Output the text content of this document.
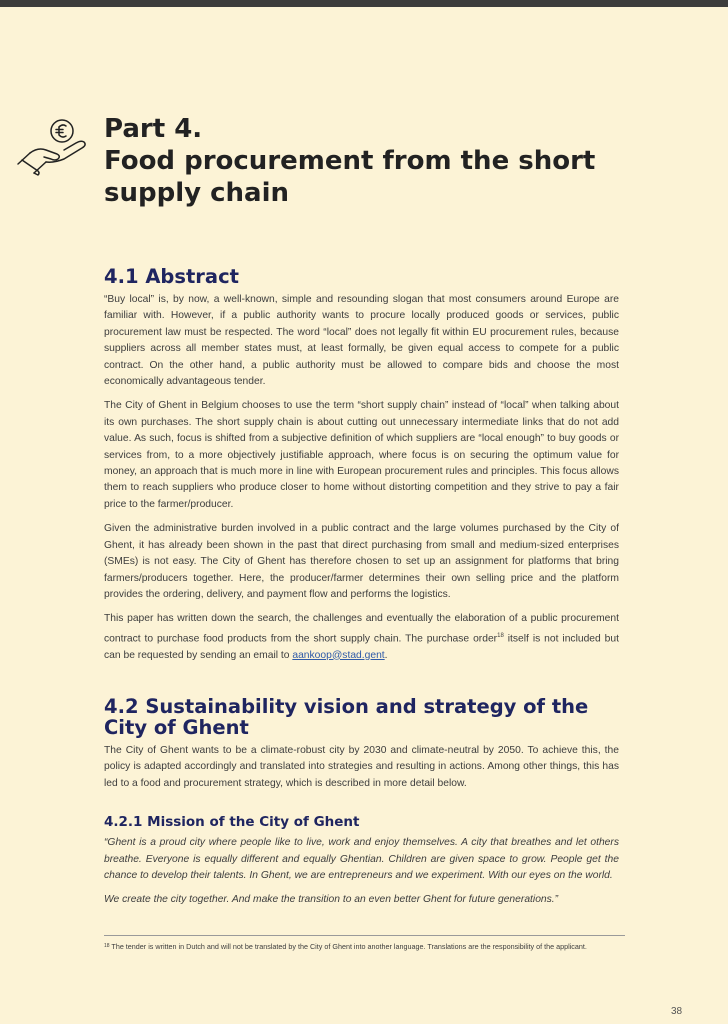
Part 4.
Food procurement from the short
supply chain
4.1 Abstract

“Buy local” is, by now, a well-known, simple and resounding slogan that most consumers around Europe are familiar with. However, if a public authority wants to procure locally produced goods or services, public procurement law must be respected. The word “local” does not legally fit within EU procurement rules, because suppliers across all member states must, at least formally, be given equal access to compete for a public contract. On the other hand, a public authority must be allowed to compare bids and choose the most economically advantageous tender.

The City of Ghent in Belgium chooses to use the term “short supply chain” instead of “local” when talking about its own purchases. The short supply chain is about cutting out unnecessary intermediate links that do not add value. As such, focus is shifted from a subjective definition of which suppliers are “local enough” to buy goods or services from, to a more objectively justifiable approach, where focus is on securing the optimum value for money, an approach that is much more in line with European procurement rules and principles. This focus allows them to reach suppliers who produce closer to home without distorting competition and they strive to pay a fair price to the farmer/producer.

Given the administrative burden involved in a public contract and the large volumes purchased by the City of Ghent, it has already been shown in the past that direct purchasing from small and medium-sized enterprises (SMEs) is not easy. The City of Ghent has therefore chosen to set up an assignment for platforms that bring farmers/producers together. Here, the producer/farmer determines their own selling price and the platform provides the ordering, delivery, and payment flow and performs the logistics.

This paper has written down the search, the challenges and eventually the elaboration of a public procurement contract to purchase food products from the short supply chain. The purchase order$^{18}$ itself is not included but can be requested by sending an email to aankoop@stad.gent.

4.2 Sustainability vision and strategy of the City of Ghent

The City of Ghent wants to be a climate-robust city by 2030 and climate-neutral by 2050. To achieve this, the policy is adapted accordingly and translated into strategies and resulting in actions. Among other things, this has led to a food and procurement strategy, which is described in more detail below.

4.2.1 Mission of the City of Ghent

“Ghent is a proud city where people like to live, work and enjoy themselves. A city that breathes and let others breathe. Everyone is equally different and equally Ghentian. Children are given space to grow. People get the chance to develop their talents. In Ghent, we are entrepreneurs and we experiment. With our eyes on the world.

We create the city together. And make the transition to an even better Ghent for future generations.”

$^{18}$ The tender is written in Dutch and will not be translated by the City of Ghent into another language. Translations are the responsibility of the applicant.

38
